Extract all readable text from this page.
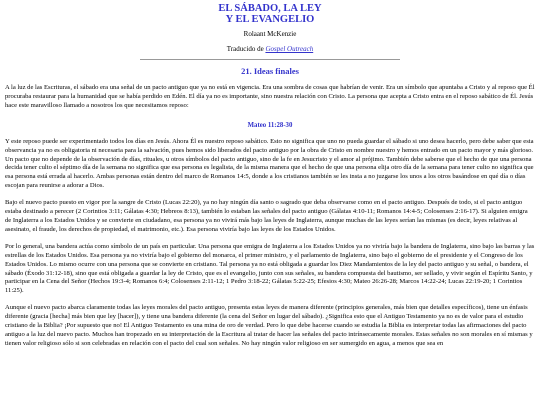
EL SÁBADO, LA LEY
Y EL EVANGELIO
Rolaant McKenzie
Traducido de Gospel Outreach
21. Ideas finales

A la luz de las Escrituras, el sábado era una señal de un pacto antiguo que ya no está en vigencia. Era una sombra de cosas que habrían de venir. Era un símbolo que apuntaba a Cristo y al reposo que Él procuraba restaurar para la humanidad que se había perdido en Edén. El día ya no es importante, sino nuestra relación con Cristo. La persona que acepta a Cristo entra en el reposo sabático de Él. Jesús hace este maravilloso llamado a nosotros los que necesitamos reposo:

Mateo 11:28-30

Y este reposo puede ser experimentado todos los días en Jesús. Ahora Él es nuestro reposo sabático. Esto no significa que uno no pueda guardar el sábado si uno desea hacerlo, pero debe saber que esta observancia ya no es obligatoria ni necesaria para la salvación, pues hemos sido liberados del pacto antiguo por la obra de Cristo en nombre nuestro y hemos entrado en un pacto mayor y más glorioso. Un pacto que no depende de la observación de días, rituales, u otros símbolos del pacto antiguo, sino de la fe en Jesucristo y el amor al prójimo. También debe saberse que el hecho de que una persona decida tener culto el séptimo día de la semana no significa que esa persona es legalista, de la misma manera que el hecho de que una persona elija otro día de la semana para tener culto no significa que esa persona está errada al hacerlo. Ambas personas están dentro del marco de Romanos 14:5, donde a los cristianos también se les insta a no juzgarse los unos a los otros basándose en qué día o días escojan para reunirse a adorar a Dios.

Bajo el nuevo pacto puesto en vigor por la sangre de Cristo (Lucas 22:20), ya no hay ningún día santo o sagrado que deba observarse como en el pacto antiguo. Después de todo, si el pacto antiguo estaba destinado a perecer (2 Corintios 3:11; Gálatas 4:30; Hebreos 8:13), también lo estaban las señales del pacto antiguo (Gálatas 4:10-11; Romanos 14:4-5; Colosenses 2:16-17). Si alguien emigra de Inglaterra a los Estados Unidos y se convierte en ciudadano, esa persona ya no vivirá más bajo las leyes de Inglaterra, aunque muchas de las leyes serían las mismas (es decir, leyes relativas al asesinato, el fraude, los derechos de propiedad, el matrimonio, etc.). Esa persona viviría bajo las leyes de los Estados Unidos.

Por lo general, una bandera actúa como símbolo de un país en particular. Una persona que emigra de Inglaterra a los Estados Unidos ya no viviría bajo la bandera de Inglaterra, sino bajo las barras y las estrellas de los Estados Unidos. Esa persona ya no viviría bajo el gobierno del monarca, el primer ministro, y el parlamento de Inglaterra, sino bajo el gobierno de el presidente y el Congreso de los Estados Unidos. Lo mismo ocurre con una persona que se convierte en cristiano. Tal persona ya no está obligada a guardar los Diez Mandamientos de la ley del pacto antiguo y su señal, o bandera, el sábado (Éxodo 31:12-18), sino que está obligada a guardar la ley de Cristo, que es el evangelio, junto con sus señales, su bandera compuesta del bautismo, ser sellado, y vivir según el Espíritu Santo, y participar en la Cena del Señor (Hechos 19:3-4; Romanos 6:4; Colosenses 2:11-12; 1 Pedro 3:18-22; Gálatas 5:22-25; Efesios 4:30; Mateo 26:26-28; Marcos 14:22-24; Lucas 22:19-20; 1 Corintios 11:25).

Aunque el nuevo pacto abarca claramente todas las leyes morales del pacto antiguo, presenta estas leyes de manera diferente (principios generales, más bien que detalles específicos), tiene un énfasis diferente (gracia [hecha] más bien que ley [hacer]), y tiene una bandera diferente (la cena del Señor en lugar del sábado). ¿Significa esto que el Antiguo Testamento ya no es de valor para el estudio cristiano de la Biblia? ¡Por supuesto que no! El Antiguo Testamento es una mina de oro de verdad. Pero lo que debe hacerse cuando se estudia la Biblia es interpretar todas las afirmaciones del pacto antiguo a la luz del nuevo pacto. Muchos han tropezado en su interpretación de la Escritura al tratar de hacer las señales del pacto intrínsecamente morales. Estas señales no son morales en sí mismas y tienen valor religioso sólo si son celebradas en relación con el pacto del cual son señales. No hay ningún valor religioso en ser sumergido en agua, a menos que sea en
